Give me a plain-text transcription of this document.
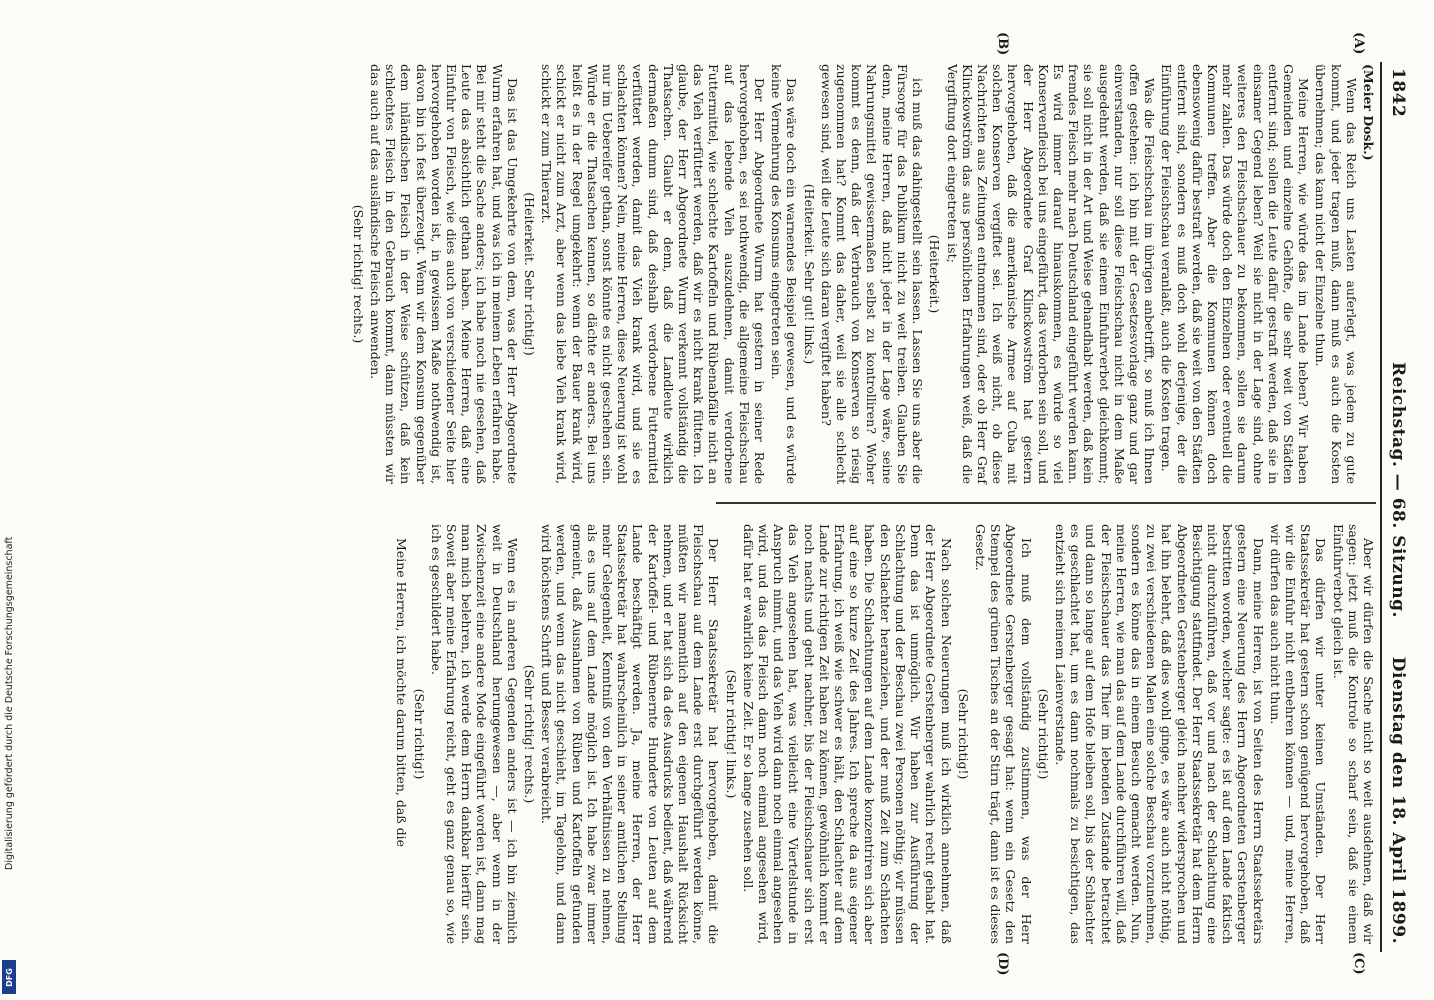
1842
Reichstag. — 68. Sitzung.
Dienstag den 18. April 1899.
(A)
(B)
(C)
(D)

(Meier Dosk.)

Wenn das Reich uns Lasten auferlegt, was jedem zu gute kommt, und jeder tragen muß, dann muß es auch die Kosten übernehmen; das kann nicht der Einzelne thun.

Meine Herren, wie würde das im Lande heben? Wir haben Gemeinden und einzelne Gehöfte, die sehr weit von Städten entfernt sind; sollen die Leute dafür gestraft werden, daß sie in einsamer Gegend leben? Weil sie nicht in der Lage sind, ohne weiteres den Fleischschauer zu bekommen, sollen sie darum mehr zahlen. Das würde doch den Einzelnen oder eventuell die Kommunen treffen. Aber die Kommunen können doch ebensowenig dafür bestraft werden, daß sie weit von den Städten entfernt sind, sondern es muß doch wohl derjenige, der die Einführung der Fleischschau veranlaßt, auch die Kosten tragen.

Was die Fleischschau im übrigen anbetrifft, so muß ich Ihnen offen gestehen: ich bin mit der Gesetzesvorlage ganz und gar einverstanden, nur soll diese Fleischschau nicht in dem Maße ausgedehnt werden, daß sie einem Einfuhrverbot gleichkommt; sie soll nicht in der Art und Weise gehandhabt werden, daß kein fremdes Fleisch mehr nach Deutschland eingeführt werden kann. Es wird immer darauf hinauskommen, es würde so viel Konservenfleisch bei uns eingeführt, das verdorben sein soll, und der Herr Abgeordnete Graf Klinckowström hat gestern hervorgehoben, daß die amerikanische Armee auf Cuba mit solchen Konserven vergiftet sei. Ich weiß nicht, ob diese Nachrichten aus Zeitungen entnommen sind, oder ob Herr Graf Klinckowström das aus persönlichen Erfahrungen weiß, daß die Vergiftung dort eingetreten ist;

(Heiterkeit.)

ich muß das dahingestellt sein lassen. Lassen Sie uns aber die Fürsorge für das Publikum nicht zu weit treiben. Glauben Sie denn, meine Herren, daß nicht jeder in der Lage wäre, seine Nahrungsmittel gewissermaßen selbst zu kontrolliren? Woher kommt es denn, daß der Verbrauch von Konserven so riesig zugenommen hat? Kommt das daher, weil sie alle schlecht gewesen sind, weil die Leute sich daran vergiftet haben?

(Heiterkeit. Sehr gut! links.)

Das wäre doch ein warnendes Beispiel gewesen, und es würde keine Vermehrung des Konsums eingetreten sein.

Der Herr Abgeordnete Wurm hat gestern in seiner Rede hervorgehoben, es sei nothwendig, die allgemeine Fleischschau auf das lebende Vieh auszudehnen, damit verdorbene Futtermittel, wie schlechte Kartoffeln und Rübenabfälle nicht an das Vieh verfüttert werden, daß wir es nicht krank füttern. Ich glaube, der Herr Abgeordnete Wurm verkennt vollständig die Thatsachen. Glaubt er denn, daß die Landleute wirklich dermaßen dumm sind, daß deshalb verdorbene Futtermittel verfüttert werden, damit das Vieh krank wird, und sie es schlachten können? Nein, meine Herren, diese Neuerung ist wohl nur im Uebereifer gethan, sonst könnte es nicht geschehen sein. Würde er die Thatsachen kennen, so dächte er anders. Bei uns heißt es in der Regel umgekehrt: wenn der Bauer krank wird, schickt er nicht zum Arzt, aber wenn das liebe Vieh krank wird, schickt er zum Thierarzt.

(Heiterkeit. Sehr richtig!)

Das ist das Umgekehrte von dem, was der Herr Abgeordnete Wurm erfahren hat, und was ich in meinem Leben erfahren habe. Bei mir steht die Sache anders; ich habe noch nie gesehen, daß Leute das absichtlich gethan haben. Meine Herren, daß eine Einfuhr von Fleisch, wie dies auch von verschiedener Seite hier hervorgehoben worden ist, in gewissem Maße nothwendig ist, davon bin ich fest überzeugt. Wenn wir dem Konsum gegenüber dem inländischen Fleisch in der Weise schützen, daß kein schlechtes Fleisch in den Gebrauch kommt, dann müssten wir das auch auf das ausländische Fleisch anwenden.

(Sehr richtig! rechts.)

Aber wir dürfen die Sache nicht so weit ausdehnen, daß wir sagen: jetzt muß die Kontrole so scharf sein, daß sie einem Einfuhrverbot gleich ist.

Das dürfen wir unter keinen Umständen. Der Herr Staatssekretär hat gestern schon genügend hervorgehoben, daß wir die Einfuhr nicht entbehren können — und, meine Herren, wir dürfen das auch nicht thun.

Dann, meine Herren, ist von Seiten des Herrn Staatssekretärs gestern eine Neuerung des Herrn Abgeordneten Gerstenberger bestritten worden, welcher sagte: es ist auf dem Lande faktisch nicht durchzuführen, daß vor und nach der Schlachtung eine Besichtigung stattfindet. Der Herr Staatssekretär hat dem Herrn Abgeordneten Gerstenberger gleich nachher widersprochen und hat ihn belehrt, daß dies wohl ginge, es wäre auch nicht nöthig, zu zwei verschiedenen Malen eine solche Beschau vorzunehmen, sondern es könne das in einem Besuch gemacht werden. Nun, meine Herren, wie man das auf dem Lande durchführen will, daß der Fleischschauer das Thier im lebenden Zustande betrachtet und dann so lange auf dem Hofe bleiben soll, bis der Schlachter es geschlachtet hat, um es dann nochmals zu besichtigen, das entzieht sich meinem Laienverstande.

(Sehr richtig!)

Ich muß dem vollständig zustimmen, was der Herr Abgeordnete Gerstenberger gesagt hat: wenn ein Gesetz den Stempel des grünen Tisches an der Stirn trägt, dann ist es dieses Gesetz.

(Sehr richtig!)

Nach solchen Neuerungen muß ich wirklich annehmen, daß der Herr Abgeordnete Gerstenberger wahrlich recht gehabt hat. Denn das ist unmöglich. Wir haben zur Ausführung der Schlachtung und der Beschau zwei Personen nöthig; wir müssen den Schlachter heranziehen, und der muß Zeit zum Schlachten haben. Die Schlachtungen auf dem Lande konzentriren sich aber auf eine so kurze Zeit des Jahres. Ich spreche da aus eigener Erfahrung, ich weiß wie schwer es hält, den Schlachter auf dem Lande zur richtigen Zeit haben zu können, gewöhnlich kommt er noch nachts und geht nachher, bis der Fleischschauer sich erst das Vieh angesehen hat, was vielleicht eine Viertelstunde in Anspruch nimmt, und das Vieh wird dann noch einmal angesehen wird, und das das Fleisch dann noch einmal angesehen wird, dafür hat er wahrlich keine Zeit. Er so lange zusehen soll.

(Sehr richtig! links.)

Der Herr Staatssekretär hat hervorgehoben, damit die Fleischschau auf dem Lande erst durchgeführt werden könne, müßten wir namentlich auf den eigenen Haushalt Rücksicht nehmen, und er hat sich da des Ausdrucks bedient, daß während der Kartoffel- und Rübenernte Hunderte von Leuten auf dem Lande beschäftigt werden. Ja, meine Herren, der Herr Staatssekretär hat wahrscheinlich in seiner amtlichen Stellung mehr Gelegenheit, Kenntniß von den Verhältnissen zu nehmen, als es uns auf dem Lande möglich ist. Ich habe zwar immer gemeint, daß Ausnahmen von Rüben und Kartoffeln gefunden werden, und wenn das nicht geschieht, im Tagelohn, und dann wird höchstens Schrift und Besser verabreicht.

(Sehr richtig! rechts.)

Wenn es in anderen Gegenden anders ist — ich bin ziemlich weit in Deutschland herumgewesen —, aber wenn in der Zwischenzeit eine andere Mode eingeführt worden ist, dann mag man mich belehren, ich werde dem Herrn dankbar hierfür sein. Soweit aber meine Erfahrung reicht, geht es ganz genau so, wie ich es geschildert habe.

(Sehr richtig!)

Meine Herren, ich möchte darum bitten, daß die

Digitalisierung gefördert durch die Deutsche Forschungsgemeinschaft
DFG
